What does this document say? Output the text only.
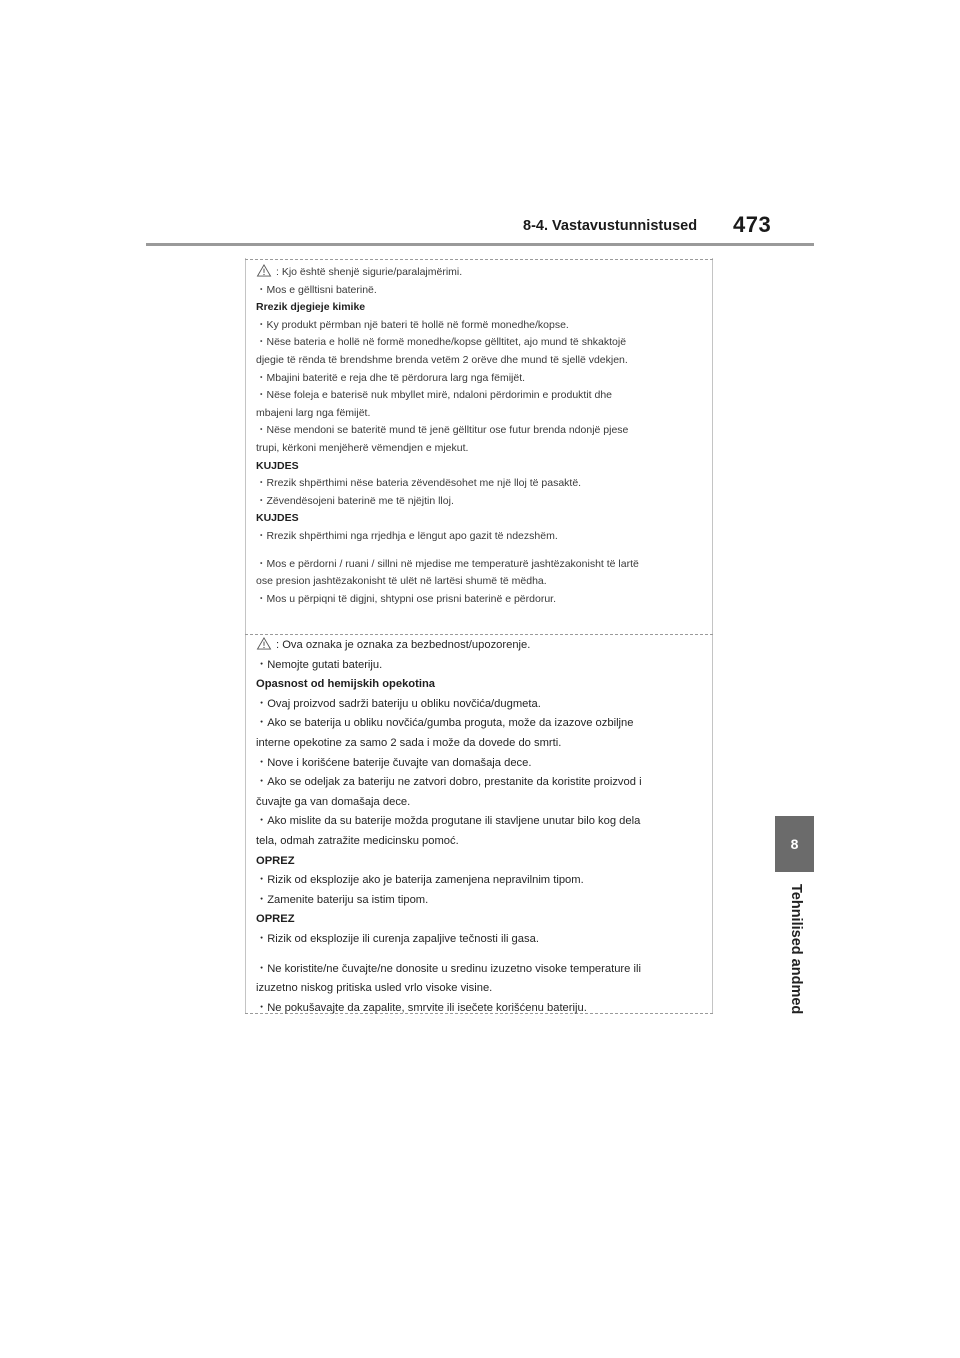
8-4. Vastavustunnistused 473
8
Tehnilised andmed
: Kjo është shenjë sigurie/paralajmërimi.
・Mos e gëlltisni baterinë.
Rrezik djegieje kimike
・Ky produkt përmban një bateri të hollë në formë monedhe/kopse.
・Nëse bateria e hollë në formë monedhe/kopse gëlltitet, ajo mund të shkaktojë
djegie të rënda të brendshme brenda vetëm 2 orëve dhe mund të sjellë vdekjen.
・Mbajini bateritë e reja dhe të përdorura larg nga fëmijët.
・Nëse foleja e baterisë nuk mbyllet mirë, ndaloni përdorimin e produktit dhe
mbajeni larg nga fëmijët.
・Nëse mendoni se bateritë mund të jenë gëlltitur ose futur brenda ndonjë pjese
trupi, kërkoni menjëherë vëmendjen e mjekut.
KUJDES
・Rrezik shpërthimi nëse bateria zëvendësohet me një lloj të pasaktë.
・Zëvendësojeni baterinë me të njëjtin lloj.
KUJDES
・Rrezik shpërthimi nga rrjedhja e lëngut apo gazit të ndezshëm.
・Mos e përdorni / ruani / sillni në mjedise me temperaturë jashtëzakonisht të lartë
ose presion jashtëzakonisht të ulët në lartësi shumë të mëdha.
・Mos u përpiqni të digjni, shtypni ose prisni baterinë e përdorur.
: Ova oznaka je oznaka za bezbednost/upozorenje.
・Nemojte gutati bateriju.
Opasnost od hemijskih opekotina
・Ovaj proizvod sadrži bateriju u obliku novčića/dugmeta.
・Ako se baterija u obliku novčića/gumba proguta, može da izazove ozbiljne
interne opekotine za samo 2 sada i može da dovede do smrti.
・Nove i korišćene baterije čuvajte van domašaja dece.
・Ako se odeljak za bateriju ne zatvori dobro, prestanite da koristite proizvod i
čuvajte ga van domašaja dece.
・Ako mislite da su baterije možda progutane ili stavljene unutar bilo kog dela
tela, odmah zatražite medicinsku pomoć.
OPREZ
・Rizik od eksplozije ako je baterija zamenjena nepravilnim tipom.
・Zamenite bateriju sa istim tipom.
OPREZ
・Rizik od eksplozije ili curenja zapaljive tečnosti ili gasa.
・Ne koristite/ne čuvajte/ne donosite u sredinu izuzetno visoke temperature ili
izuzetno niskog pritiska usled vrlo visoke visine.
・Ne pokušavajte da zapalite, smrvite ili isečete korišćenu bateriju.
